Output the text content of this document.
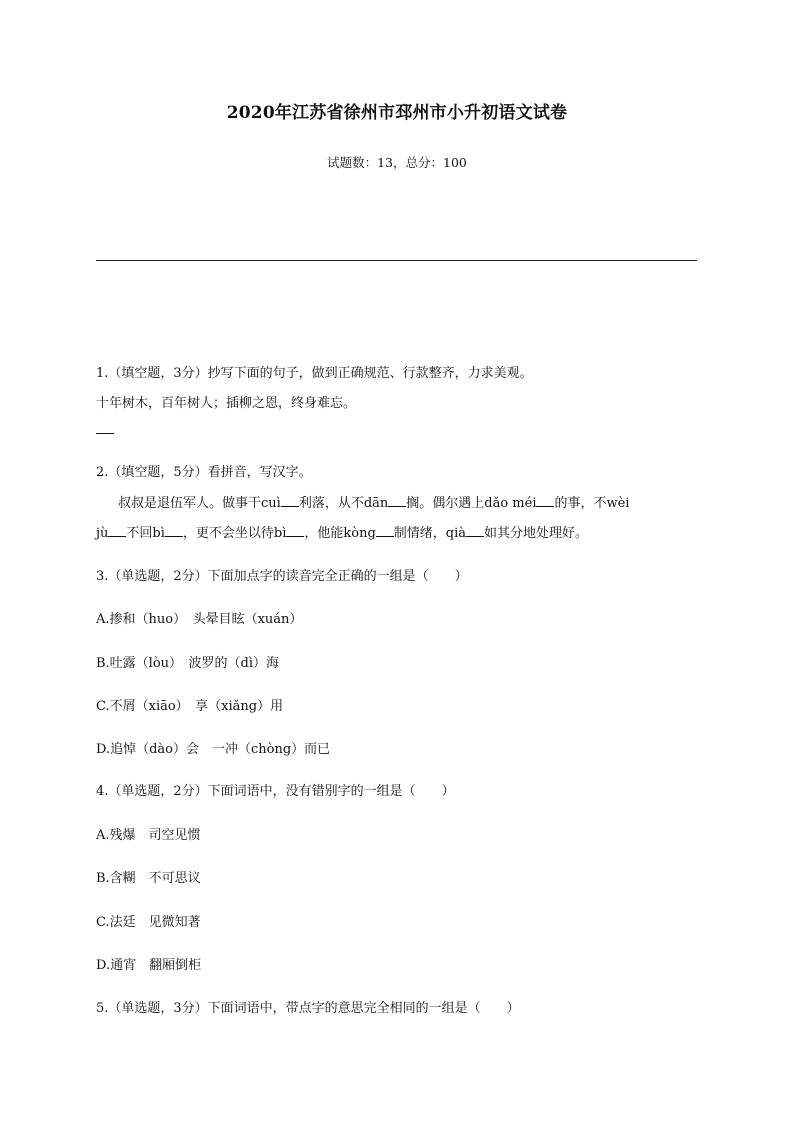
2020年江苏省徐州市邳州市小升初语文试卷
试题数：13，总分：100
1.（填空题，3分）抄写下面的句子，做到正确规范、行款整齐，力求美观。
十年树木，百年树人；插柳之恩，终身难忘。
2.（填空题，5分）看拼音，写汉字。
叔叔是退伍军人。做事干cuì 利落，从不dān 搁。偶尔遇上dǎo méi 的事，不wèi
jù 不回bì ，更不会坐以待bì ，他能kòng 制情绪，qià 如其分地处理好。
3.（单选题，2分）下面加点字的读音完全正确的一组是（　　）
A.掺和（huo）　头晕目眩（xuán）
B.吐露（lòu）　波罗的（dì）海
C.不屑（xiāo）　享（xiǎng）用
D.追悼（dào）会　一冲（chòng）而已
4.（单选题，2分）下面词语中，没有错别字的一组是（　　）
A.残爆　司空见惯
B.含糊　不可思议
C.法廷　见微知著
D.通宵　翻厢倒柜
5.（单选题，3分）下面词语中，带点字的意思完全相同的一组是（　　）
